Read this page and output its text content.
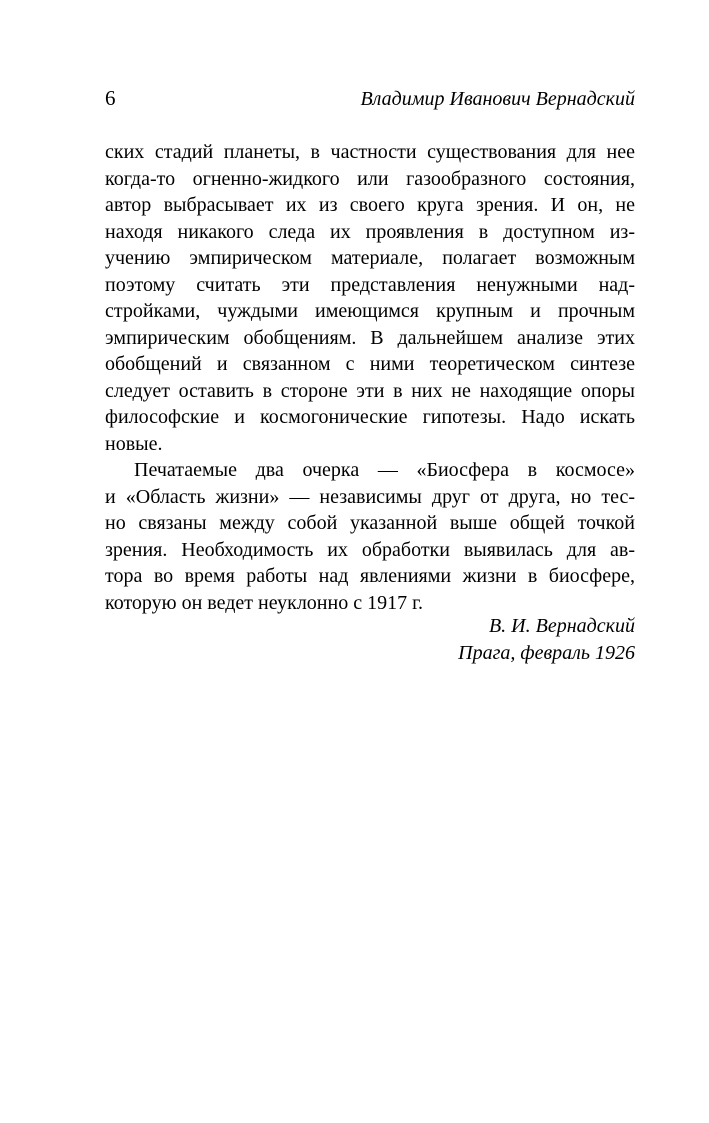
6	Владимир Иванович Вернадский
ских стадий планеты, в частности существования для нее
когда-то огненно-жидкого или газообразного состояния,
автор выбрасывает их из своего круга зрения. И он, не
находя никакого следа их проявления в доступном из-
учению эмпирическом материале, полагает возможным
поэтому считать эти представления ненужными над-
стройками, чуждыми имеющимся крупным и прочным
эмпирическим обобщениям. В дальнейшем анализе этих
обобщений и связанном с ними теоретическом синтезе
следует оставить в стороне эти в них не находящие опоры
философские и космогонические гипотезы. Надо искать
новые.
Печатаемые два очерка — «Биосфера в космосе»
и «Область жизни» — независимы друг от друга, но тес-
но связаны между собой указанной выше общей точкой
зрения. Необходимость их обработки выявилась для ав-
тора во время работы над явлениями жизни в биосфере,
которую он ведет неуклонно с 1917 г.
В. И. Вернадский
Прага, февраль 1926
